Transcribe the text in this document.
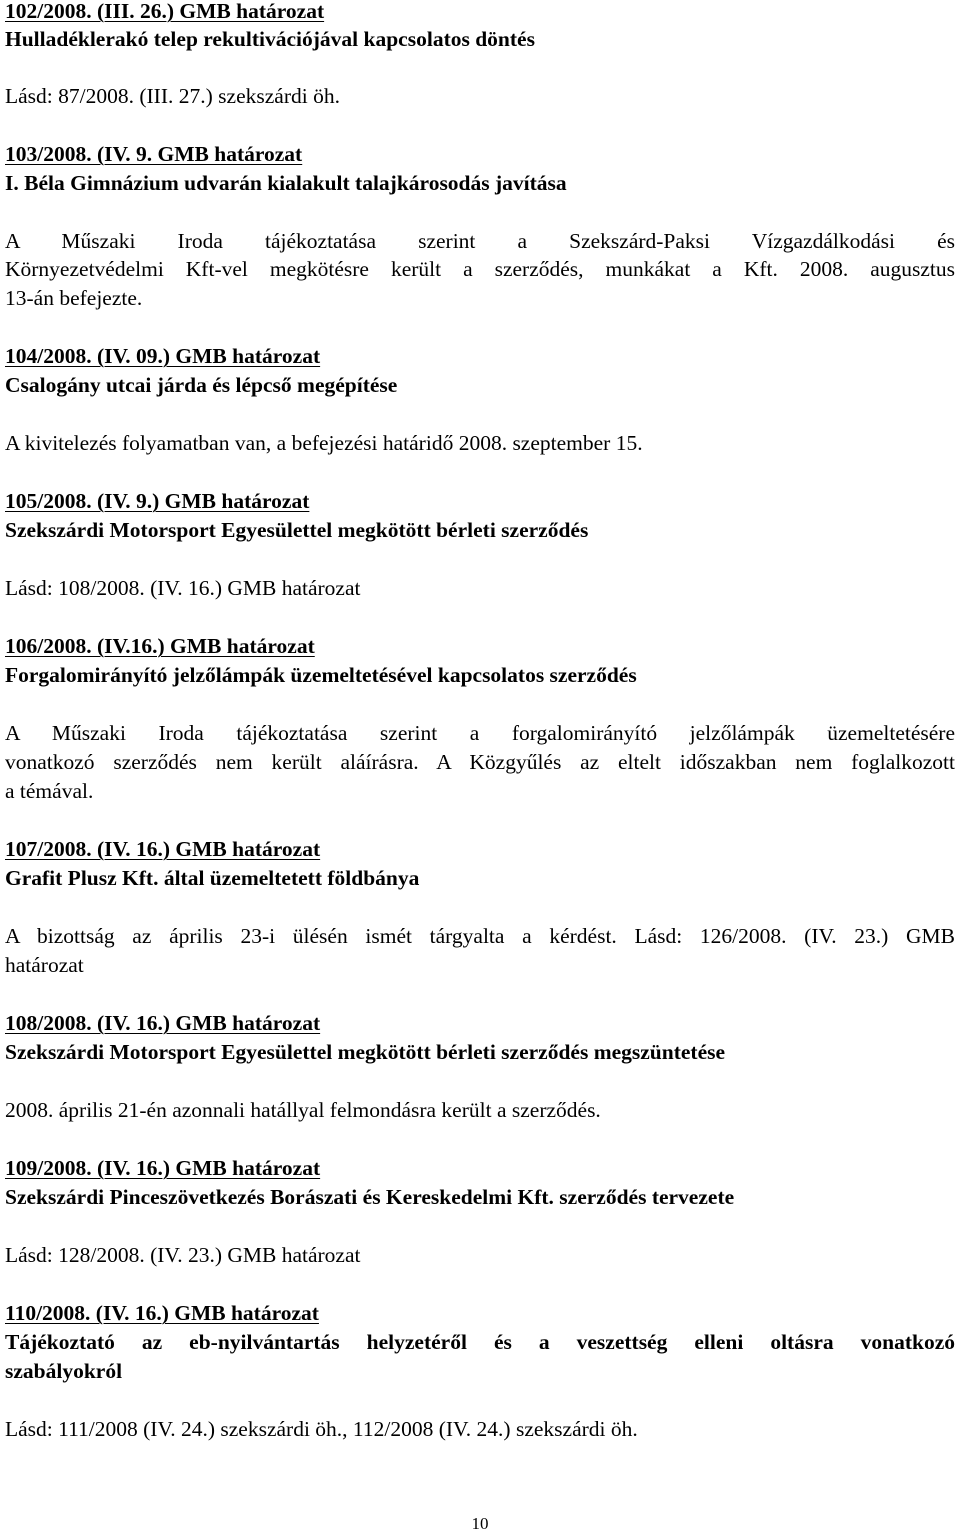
102/2008. (III. 26.) GMB határozat
Hulladéklerakó telep rekultivációjával kapcsolatos döntés
Lásd: 87/2008. (III. 27.) szekszárdi öh.
103/2008. (IV. 9. GMB határozat
I. Béla Gimnázium udvarán kialakult talajkárosodás javítása
A Műszaki Iroda tájékoztatása szerint a Szekszárd-Paksi Vízgazdálkodási és
Környezetvédelmi Kft-vel megkötésre került a szerződés, munkákat a Kft. 2008. augusztus
13-án befejezte.
104/2008. (IV. 09.) GMB határozat
Csalogány utcai járda és lépcső megépítése
A kivitelezés folyamatban van, a befejezési határidő 2008. szeptember 15.
105/2008. (IV. 9.) GMB határozat
Szekszárdi Motorsport Egyesülettel megkötött bérleti szerződés
Lásd: 108/2008. (IV. 16.) GMB határozat
106/2008. (IV.16.) GMB határozat
Forgalomirányító jelzőlámpák üzemeltetésével kapcsolatos szerződés
A Műszaki Iroda tájékoztatása szerint a forgalomirányító jelzőlámpák üzemeltetésére
vonatkozó szerződés nem került aláírásra. A Közgyűlés az eltelt időszakban nem foglalkozott
a témával.
107/2008. (IV. 16.) GMB határozat
Grafit Plusz Kft. által üzemeltetett földbánya
A bizottság az április 23-i ülésén ismét tárgyalta a kérdést. Lásd: 126/2008. (IV. 23.) GMB
határozat
108/2008. (IV. 16.) GMB határozat
Szekszárdi Motorsport Egyesülettel megkötött bérleti szerződés megszüntetése
2008. április 21-én azonnali hatállyal felmondásra került a szerződés.
109/2008. (IV. 16.) GMB határozat
Szekszárdi Pinceszövetkezés Borászati és Kereskedelmi Kft. szerződés tervezete
Lásd: 128/2008. (IV. 23.) GMB határozat
110/2008. (IV. 16.) GMB határozat
Tájékoztató az eb-nyilvántartás helyzetéről és a veszettség elleni oltásra vonatkozó
szabályokról
Lásd: 111/2008 (IV. 24.) szekszárdi öh., 112/2008 (IV. 24.) szekszárdi öh.
10
